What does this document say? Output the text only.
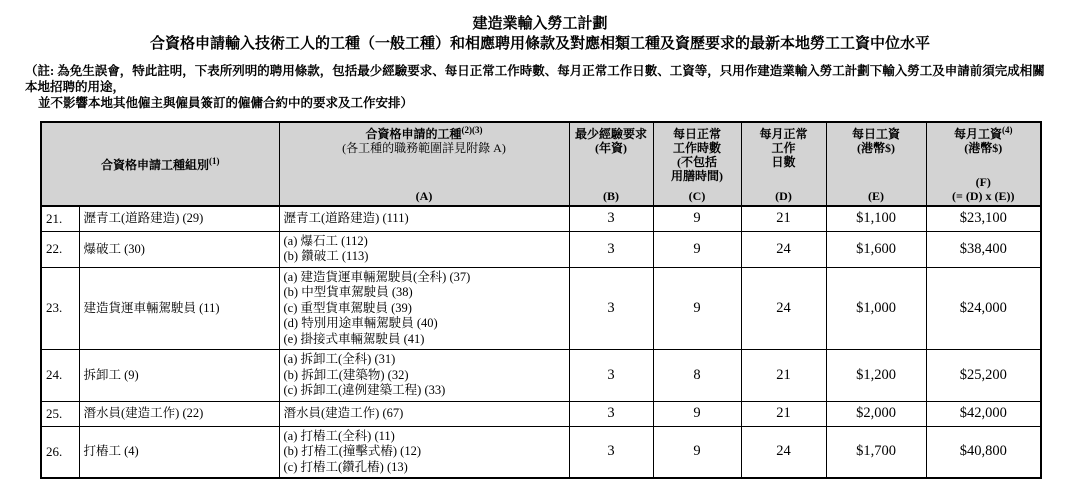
建造業輸入勞工計劃
合資格申請輸入技術工人的工種（一般工種）和相應聘用條款及對應相類工種及資歷要求的最新本地勞工工資中位水平
（註: 為免生誤會，特此註明，下表所列明的聘用條款，包括最少經驗要求、每日正常工作時數、每月正常工作日數、工資等，只用作建造業輸入勞工計劃下輸入勞工及申請前須完成相關本地招聘的用途，
並不影響本地其他僱主與僱員簽訂的僱傭合約中的要求及工作安排）
合資格申請工種組別$^{(1)}$

合資格申請的工種$^{(2)(3)}$
(各工種的職務範圍詳見附錄 A)
(A)

最少經驗要求
(年資)
(B)

每日正常
工作時數
(不包括
用膳時間)
(C)

每月正常
工作
日數
(D)

每日工資
(港幣$)
(E)

每月工資$^{(4)}$
(港幣$)
(F)
(= (D) x (E))

21.	瀝青工(道路建造) (29)	瀝青工(道路建造) (111)	3	9	21	$1,100	$23,100
22.	爆破工 (30)	(a) 爆石工 (112)
(b) 鑽破工 (113)	3	9	24	$1,600	$38,400
23.	建造貨運車輛駕駛員 (11)	(a) 建造貨運車輛駕駛員(全科) (37)
(b) 中型貨車駕駛員 (38)
(c) 重型貨車駕駛員 (39)
(d) 特別用途車輛駕駛員 (40)
(e) 掛接式車輛駕駛員 (41)	3	9	24	$1,000	$24,000
24.	拆卸工 (9)	(a) 拆卸工(全科) (31)
(b) 拆卸工(建築物) (32)
(c) 拆卸工(違例建築工程) (33)	3	8	21	$1,200	$25,200
25.	潛水員(建造工作) (22)	潛水員(建造工作) (67)	3	9	21	$2,000	$42,000
26.	打樁工 (4)	(a) 打樁工(全科) (11)
(b) 打樁工(撞擊式樁) (12)
(c) 打樁工(鑽孔樁) (13)	3	9	24	$1,700	$40,800
